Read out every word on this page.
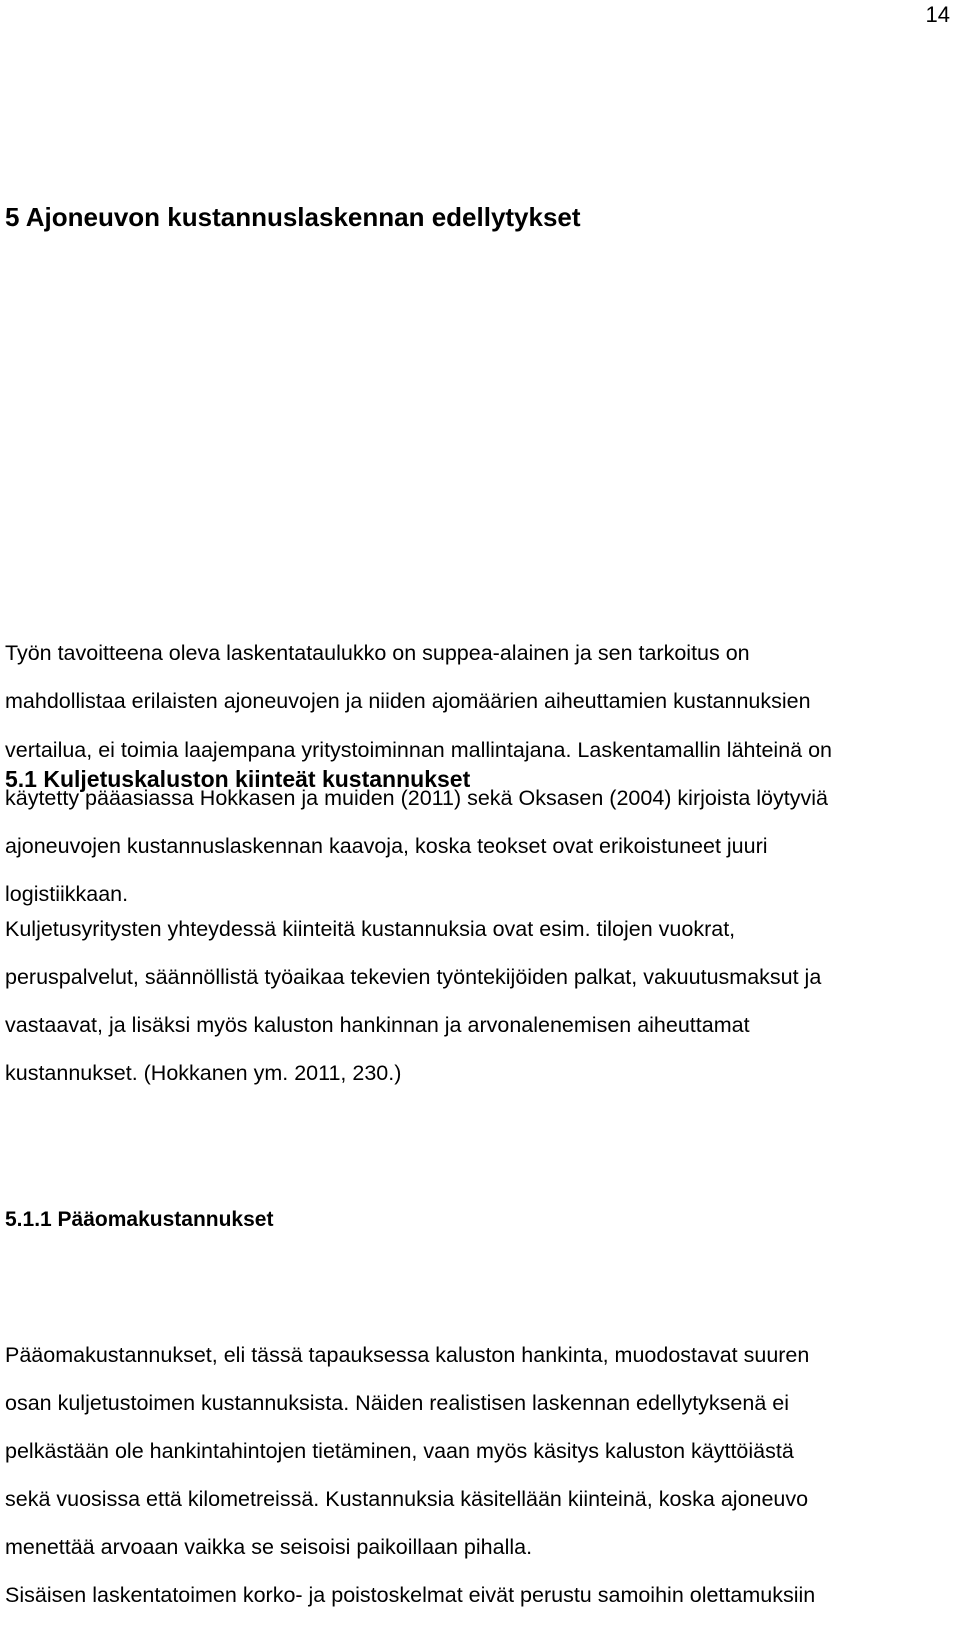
14
5 Ajoneuvon kustannuslaskennan edellytykset
Työn tavoitteena oleva laskentataulukko on suppea-alainen ja sen tarkoitus on
mahdollistaa erilaisten ajoneuvojen ja niiden ajomäärien aiheuttamien kustannuksien
vertailua, ei toimia laajempana yritystoiminnan mallintajana. Laskentamallin lähteinä on
käytetty pääasiassa Hokkasen ja muiden (2011) sekä Oksasen (2004) kirjoista löytyviä
ajoneuvojen kustannuslaskennan kaavoja, koska teokset ovat erikoistuneet juuri
logistiikkaan.
5.1 Kuljetuskaluston kiinteät kustannukset
Kuljetusyritysten yhteydessä kiinteitä kustannuksia ovat esim. tilojen vuokrat,
peruspalvelut, säännöllistä työaikaa tekevien työntekijöiden palkat, vakuutusmaksut ja
vastaavat, ja lisäksi myös kaluston hankinnan ja arvonalenemisen aiheuttamat
kustannukset. (Hokkanen ym. 2011, 230.)
5.1.1 Pääomakustannukset
Pääomakustannukset, eli tässä tapauksessa kaluston hankinta, muodostavat suuren
osan kuljetustoimen kustannuksista. Näiden realistisen laskennan edellytyksenä ei
pelkästään ole hankintahintojen tietäminen, vaan myös käsitys kaluston käyttöiästä
sekä vuosissa että kilometreissä. Kustannuksia käsitellään kiinteinä, koska ajoneuvo
menettää arvoaan vaikka se seisoisi paikoillaan pihalla.
Sisäisen laskentatoimen korko- ja poistoskelmat eivät perustu samoihin olettamuksiin
